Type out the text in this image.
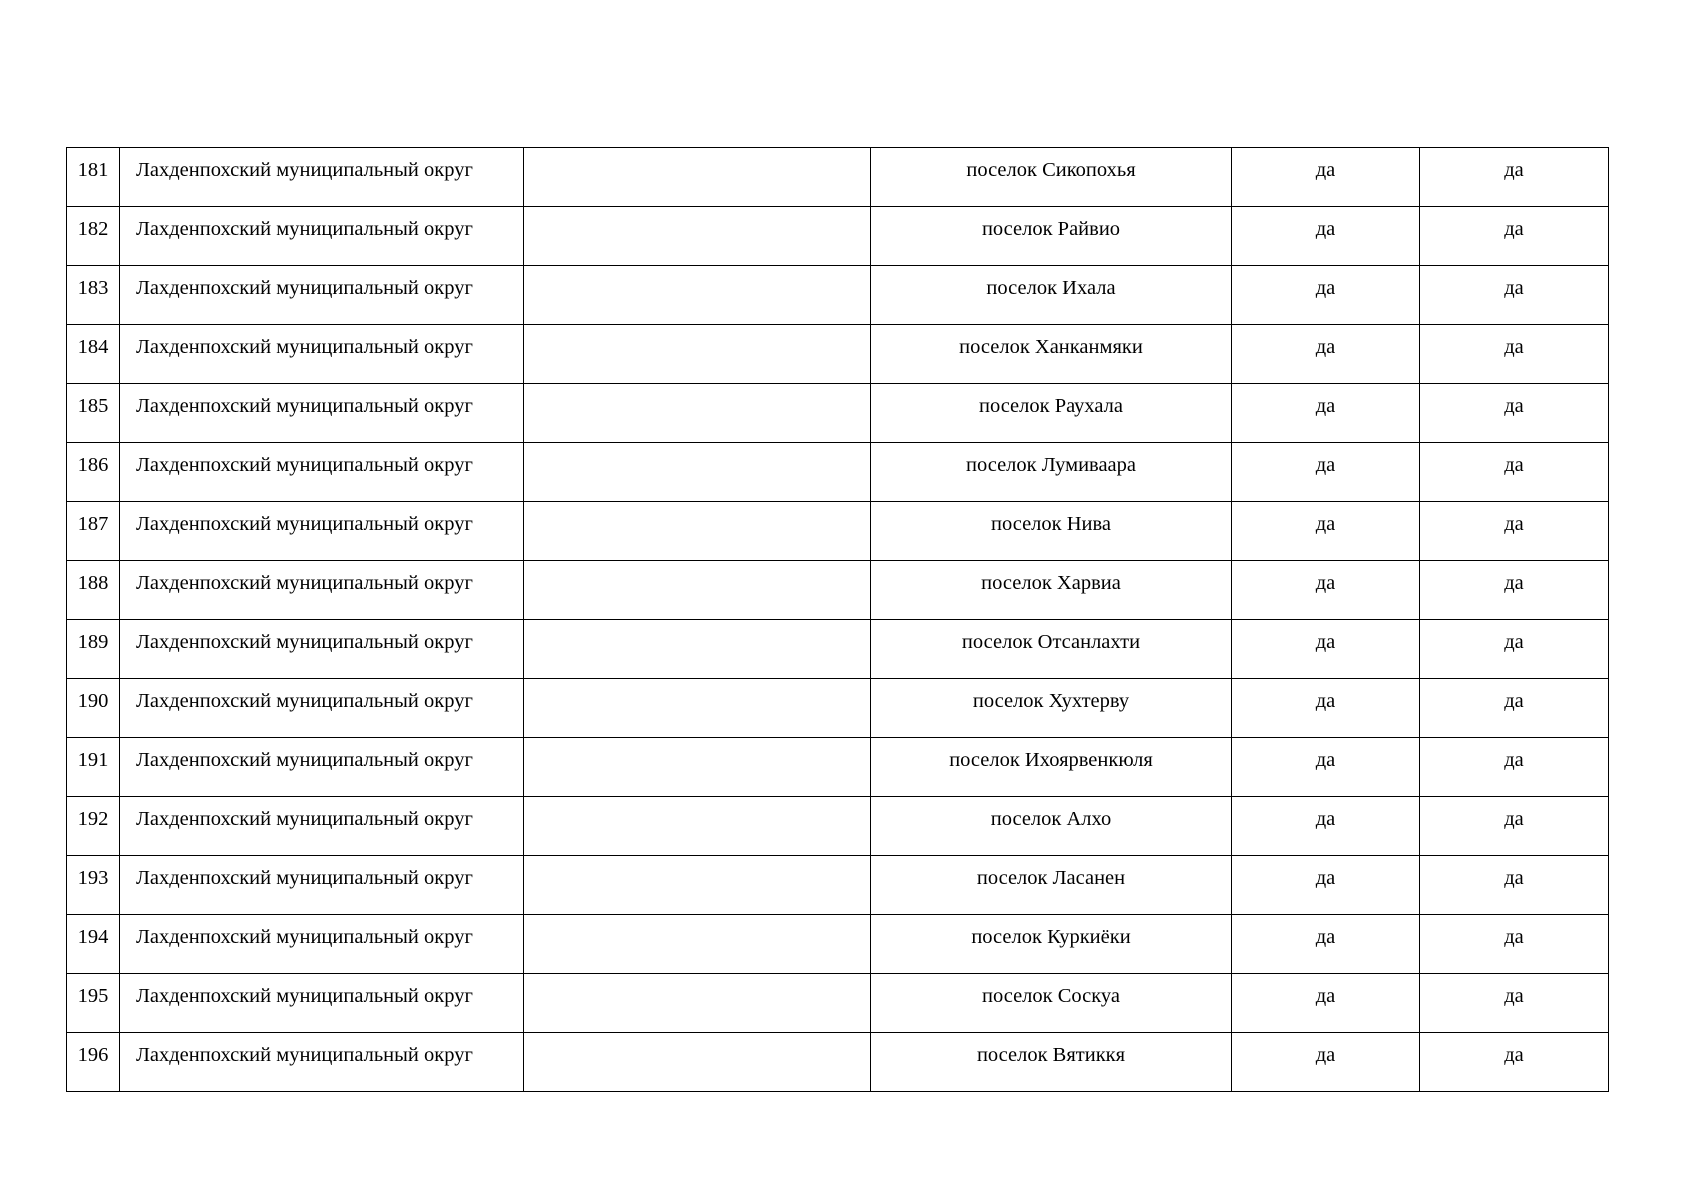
181	Лахденпохский муниципальный округ		поселок Сикопохья	да	да

182	Лахденпохский муниципальный округ		поселок Райвио	да	да

183	Лахденпохский муниципальный округ		поселок Ихала	да	да

184	Лахденпохский муниципальный округ		поселок Ханканмяки	да	да

185	Лахденпохский муниципальный округ		поселок Раухала	да	да

186	Лахденпохский муниципальный округ		поселок Лумиваара	да	да

187	Лахденпохский муниципальный округ		поселок Нива	да	да

188	Лахденпохский муниципальный округ		поселок Харвиа	да	да

189	Лахденпохский муниципальный округ		поселок Отсанлахти	да	да

190	Лахденпохский муниципальный округ		поселок Хухтерву	да	да

191	Лахденпохский муниципальный округ		поселок Ихоярвенкюля	да	да

192	Лахденпохский муниципальный округ		поселок Алхо	да	да

193	Лахденпохский муниципальный округ		поселок Ласанен	да	да

194	Лахденпохский муниципальный округ		поселок Куркиёки	да	да

195	Лахденпохский муниципальный округ		поселок Соскуа	да	да

196	Лахденпохский муниципальный округ		поселок Вятиккя	да	да
